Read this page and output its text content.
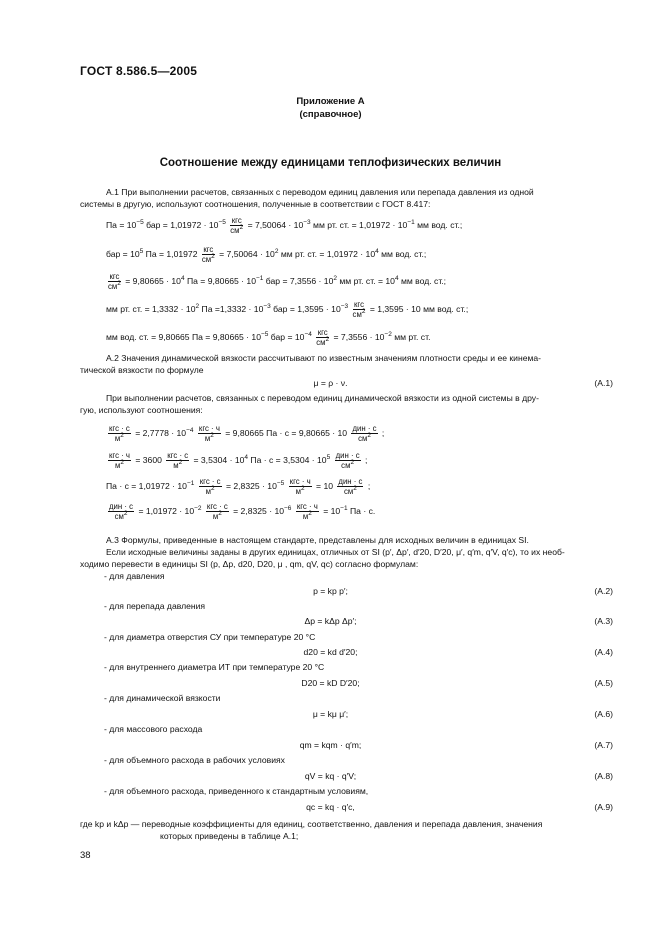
ГОСТ 8.586.5—2005
Приложение А
(справочное)
Соотношение между единицами теплофизических величин
А.1 При выполнении расчетов, связанных с переводом единиц давления или перепада давления из одной
системы в другую, используют соотношения, полученные в соответствии с ГОСТ 8.417:
Па = $10^{-5}$ бар = $1,01972 \cdot 10^{-5} \frac{\text{кгс}}{см^2} = 7,50064 \cdot 10^{-3}$ мм рт. ст. = $1,01972 \cdot 10^{-1}$ мм вод. ст.;
бар = $10^5$ Па = $1,01972 \frac{\text{кгс}}{см^2} = 7,50064 \cdot 10^2$ мм рт. ст. = $1,01972 \cdot 10^4$ мм вод. ст.;
$\frac{\text{кгс}}{см^2} = 9,80665 \cdot 10^4$ Па = $9,80665 \cdot 10^{-1}$ бар = $7,3556 \cdot 10^2$ мм рт. ст. = $10^4$ мм вод. ст.;
мм рт. ст. = $1,3332 \cdot 10^2$ Па $=1,3332 \cdot 10^{-3}$ бар = $1,3595 \cdot 10^{-3} \frac{\text{кгс}}{см^2} = 1,3595 \cdot 10$ мм вод. ст.;
мм вод. ст. = 9,80665 Па = $9,80665 \cdot 10^{-5}$ бар = $10^{-4} \frac{\text{кгс}}{см^2} = 7,3556 \cdot 10^{-2}$ мм рт. ст.
А.2 Значения динамической вязкости рассчитывают по известным значениям плотности среды и ее кинема-
тической вязкости по формуле
μ = ρ · ν.	(А.1)
При выполнении расчетов, связанных с переводом единиц динамической вязкости из одной системы в дру-
гую, используют соотношения:
$\frac{\text{кгс · с}}{м^2} = 2,7778 \cdot 10^{-4} \frac{\text{кгс · ч}}{м^2} = 9,80665$ Па · $с = 9,80665 \cdot 10 \frac{\text{дин · с}}{см^2}$ ;
$\frac{\text{кгс · ч}}{м^2} = 3600 \frac{\text{кгс · с}}{м^2} = 3,5304 \cdot 10^4$ Па · $с = 3,5304 \cdot 10^5 \frac{\text{дин · с}}{см^2}$ ;
Па · $с = 1,01972 \cdot 10^{-1} \frac{\text{кгс · с}}{м^2} = 2,8325 \cdot 10^{-5} \frac{\text{кгс · ч}}{м^2} = 10 \frac{\text{дин · с}}{см^2}$ ;
$\frac{\text{дин · с}}{см^2} = 1,01972 \cdot 10^{-2} \frac{\text{кгс · с}}{м^2} = 2,8325 \cdot 10^{-6} \frac{\text{кгс · ч}}{м^2} = 10^{-1}$ Па · с.
А.3 Формулы, приведенные в настоящем стандарте, представлены для исходных величин в единицах SI.
Если исходные величины заданы в других единицах, отличных от SI (p′, Δp′, d′20, D′20, μ′, q′m, q′V, q′c), то их необ-
ходимо перевести в единицы SI (p, Δp, d20, D20, μ , qm, qV, qc) согласно формулам:
- для давления
p = kp p′;	(А.2)
- для перепада давления
Δp = kΔp Δp′;	(А.3)
- для диаметра отверстия СУ при температуре 20 °С
d20 = kd d′20;	(А.4)
- для внутреннего диаметра ИТ при температуре 20 °С
D20 = kD D′20;	(А.5)
- для динамической вязкости
μ = kμ μ′;	(А.6)
- для массового расхода
qm = kqm · q′m;	(А.7)
- для объемного расхода в рабочих условиях
qV = kq · q′V;	(А.8)
- для объемного расхода, приведенного к стандартным условиям,
qc = kq · q′c,	(А.9)
где kp и kΔp — переводные коэффициенты для единиц, соответственно, давления и перепада давления, значения
которых приведены в таблице А.1;
38
